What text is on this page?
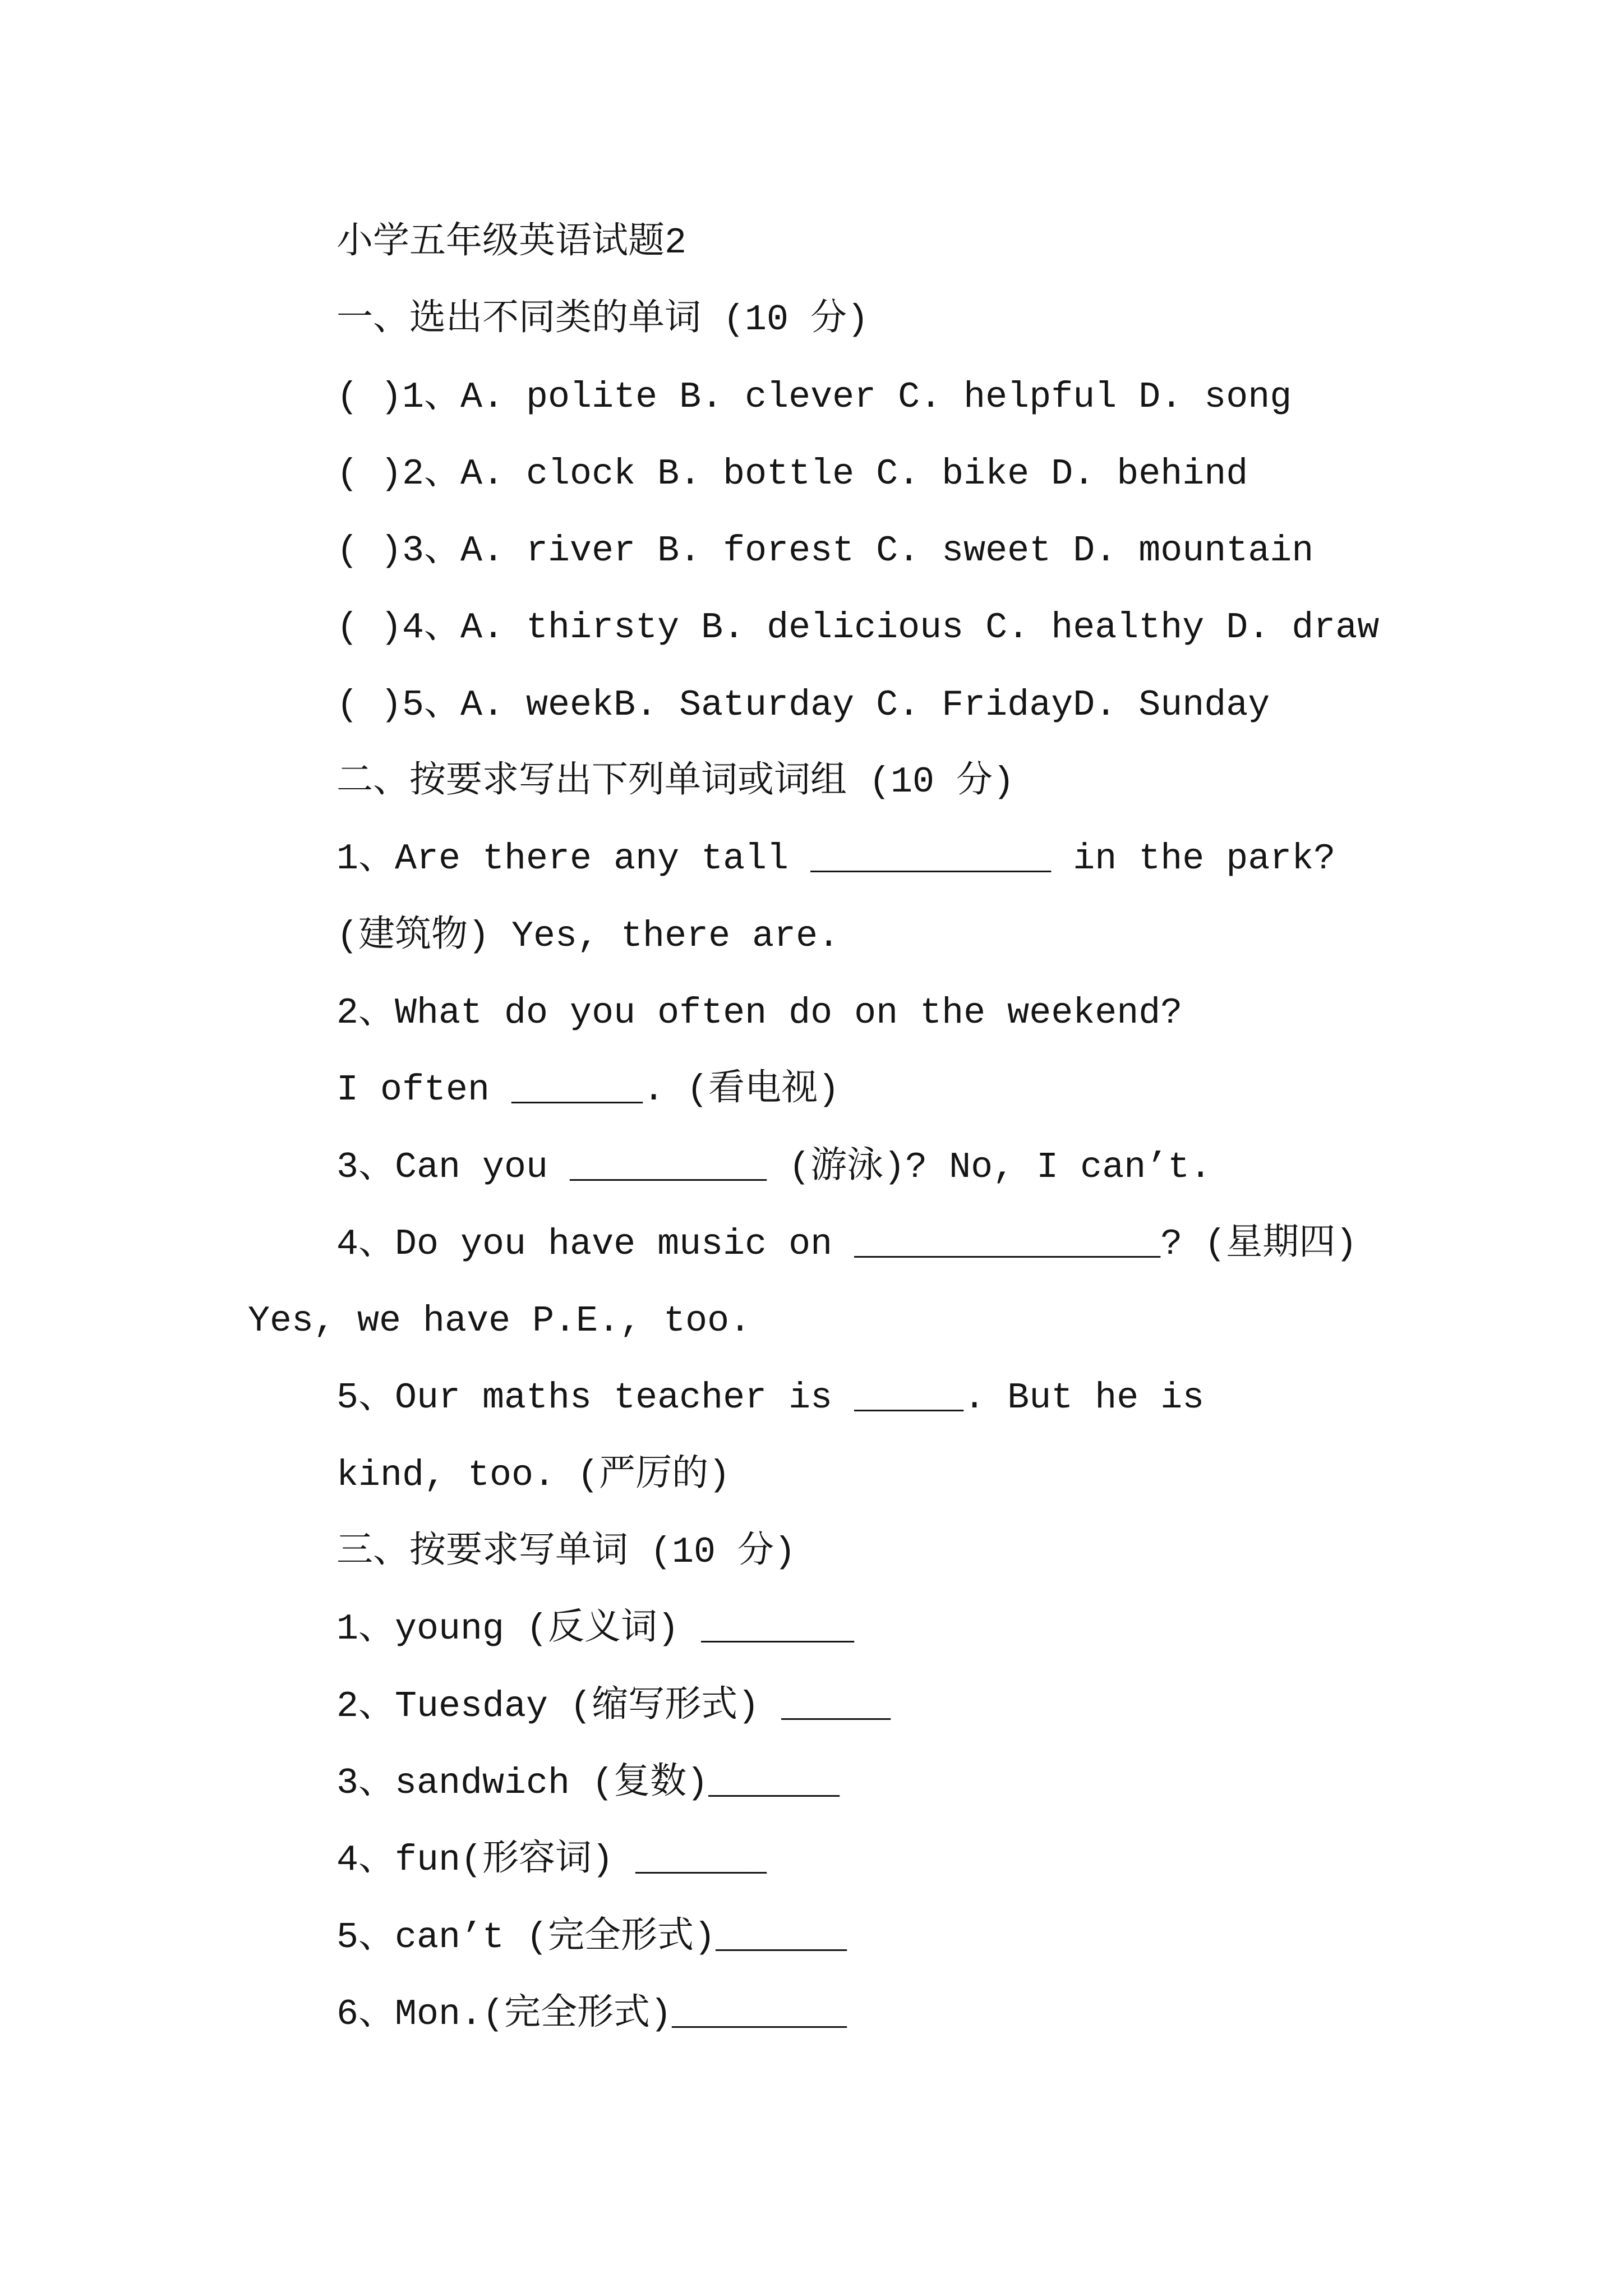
小学五年级英语试题2
一、选出不同类的单词 (10 分)
( )1、A. polite B. clever C. helpful D. song
( )2、A. clock B. bottle C. bike D. behind
( )3、A. river B. forest C. sweet D. mountain
( )4、A. thirsty B. delicious C. healthy D. draw
( )5、A. weekB. Saturday C. FridayD. Sunday
二、按要求写出下列单词或词组 (10 分)
1、Are there any tall ___________ in the park?
(建筑物) Yes, there are.
2、What do you often do on the weekend?
I often ______. (看电视)
3、Can you _________ (游泳)? No, I can’t.
4、Do you have music on ______________? (星期四)
Yes, we have P.E., too.
5、Our maths teacher is _____. But he is
kind, too. (严厉的)
三、按要求写单词 (10 分)
1、young (反义词) _______
2、Tuesday (缩写形式) _____
3、sandwich (复数)______
4、fun(形容词) ______
5、can’t (完全形式)______
6、Mon.(完全形式)________
